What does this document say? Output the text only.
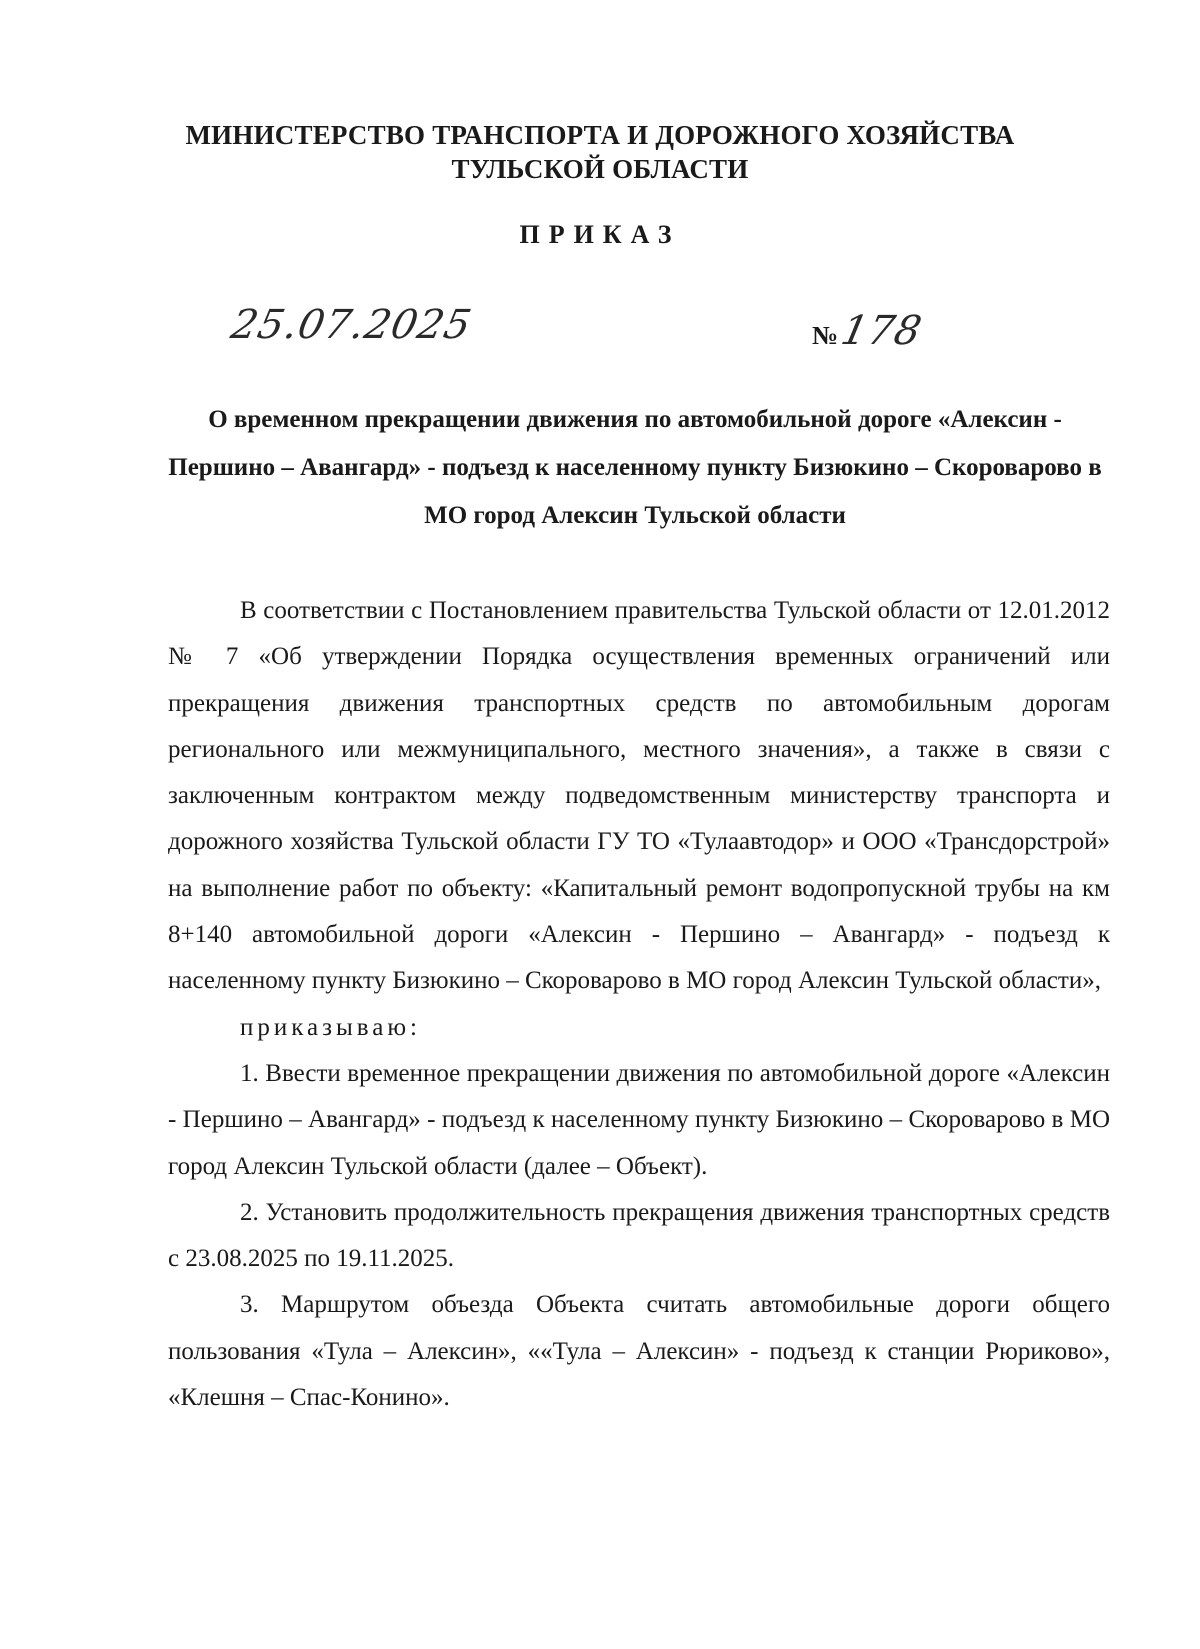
МИНИСТЕРСТВО ТРАНСПОРТА И ДОРОЖНОГО ХОЗЯЙСТВА
ТУЛЬСКОЙ ОБЛАСТИ
ПРИКАЗ
25.07.2025	№ 178
О временном прекращении движения по автомобильной дороге «Алексин - Першино – Авангард» - подъезд к населенному пункту Бизюкино – Скороварово в МО город Алексин Тульской области

В соответствии с Постановлением правительства Тульской области от 12.01.2012 № 7 «Об утверждении Порядка осуществления временных ограничений или прекращения движения транспортных средств по автомобильным дорогам регионального или межмуниципального, местного значения», а также в связи с заключенным контрактом между подведомственным министерству транспорта и дорожного хозяйства Тульской области ГУ ТО «Тулаавтодор» и ООО «Трансдорстрой» на выполнение работ по объекту: «Капитальный ремонт водопропускной трубы на км 8+140 автомобильной дороги «Алексин - Першино – Авангард» - подъезд к населенному пункту Бизюкино – Скороварово в МО город Алексин Тульской области»,

приказываю:

1. Ввести временное прекращении движения по автомобильной дороге «Алексин - Першино – Авангард» - подъезд к населенному пункту Бизюкино – Скороварово в МО город Алексин Тульской области (далее – Объект).

2. Установить продолжительность прекращения движения транспортных средств с 23.08.2025 по 19.11.2025.

3. Маршрутом объезда Объекта считать автомобильные дороги общего пользования «Тула – Алексин», ««Тула – Алексин» - подъезд к станции Рюриково», «Клешня – Спас-Конино».
